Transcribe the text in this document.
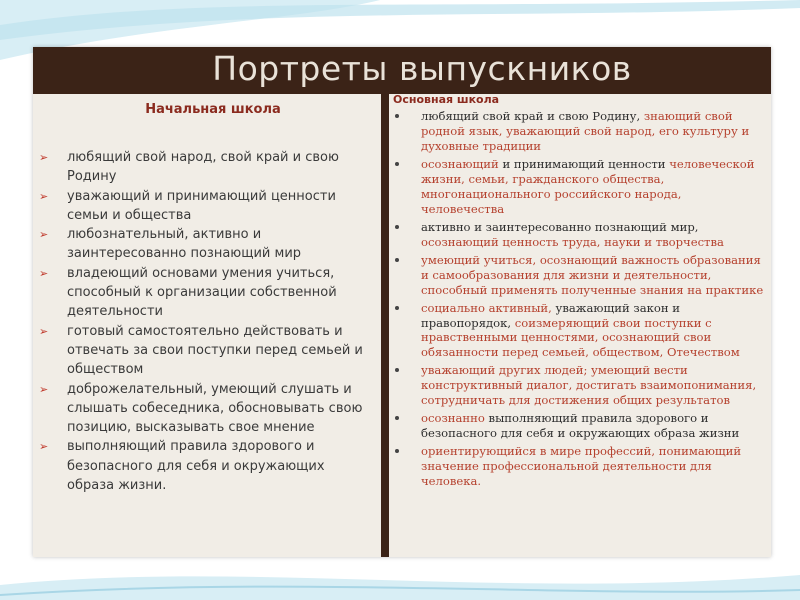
Портреты выпускников
Начальная школа
➢ любящий свой народ, свой край и свою Родину
➢ уважающий и принимающий ценности семьи и общества
➢ любознательный, активно и заинтересованно познающий мир
➢ владеющий основами умения учиться, способный к организации собственной деятельности
➢ готовый самостоятельно действовать и отвечать за свои поступки перед семьей и обществом
➢ доброжелательный, умеющий слушать и слышать собеседника, обосновывать свою позицию, высказывать свое мнение
➢ выполняющий правила здорового и безопасного для себя и окружающих образа жизни.
Основная школа
любящий свой край и свою Родину, знающий свой родной язык, уважающий свой народ, его культуру и духовные традиции
осознающий и принимающий ценности человеческой жизни, семьи, гражданского общества, многонационального российского народа, человечества
активно и заинтересованно познающий мир, осознающий ценность труда, науки и творчества
умеющий учиться, осознающий важность образования и самообразования для жизни и деятельности, способный применять полученные знания на практике
социально активный, уважающий закон и правопорядок, соизмеряющий свои поступки с нравственными ценностями, осознающий свои обязанности перед семьей, обществом, Отечеством
уважающий других людей; умеющий вести конструктивный диалог, достигать взаимопонимания, сотрудничать для достижения общих результатов
осознанно выполняющий правила здорового и безопасного для себя и окружающих образа жизни
ориентирующийся в мире профессий, понимающий значение профессиональной деятельности для человека.
